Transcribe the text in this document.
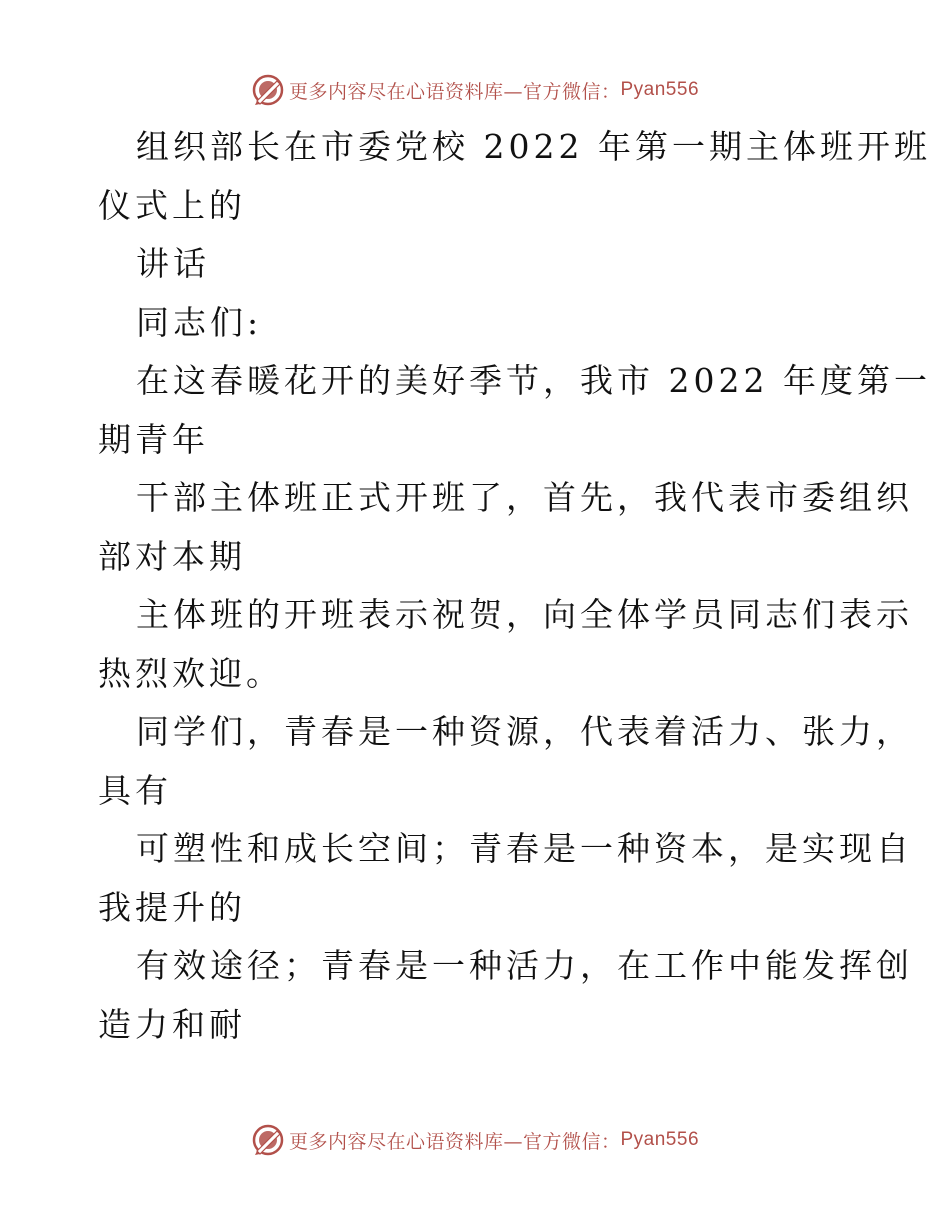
更多内容尽在心语资料库—官方微信： Pyan556

组织部长在市委党校 2022 年第一期主体班开班

仪式上的

讲话

同志们:

在这春暖花开的美好季节，我市 2022 年度第一

期青年

干部主体班正式开班了，首先，我代表市委组织

部对本期

主体班的开班表示祝贺，向全体学员同志们表示

热烈欢迎。

同学们，青春是一种资源，代表着活力、张力，

具有

可塑性和成长空间；青春是一种资本，是实现自

我提升的

有效途径；青春是一种活力，在工作中能发挥创

造力和耐

更多内容尽在心语资料库—官方微信： Pyan556
